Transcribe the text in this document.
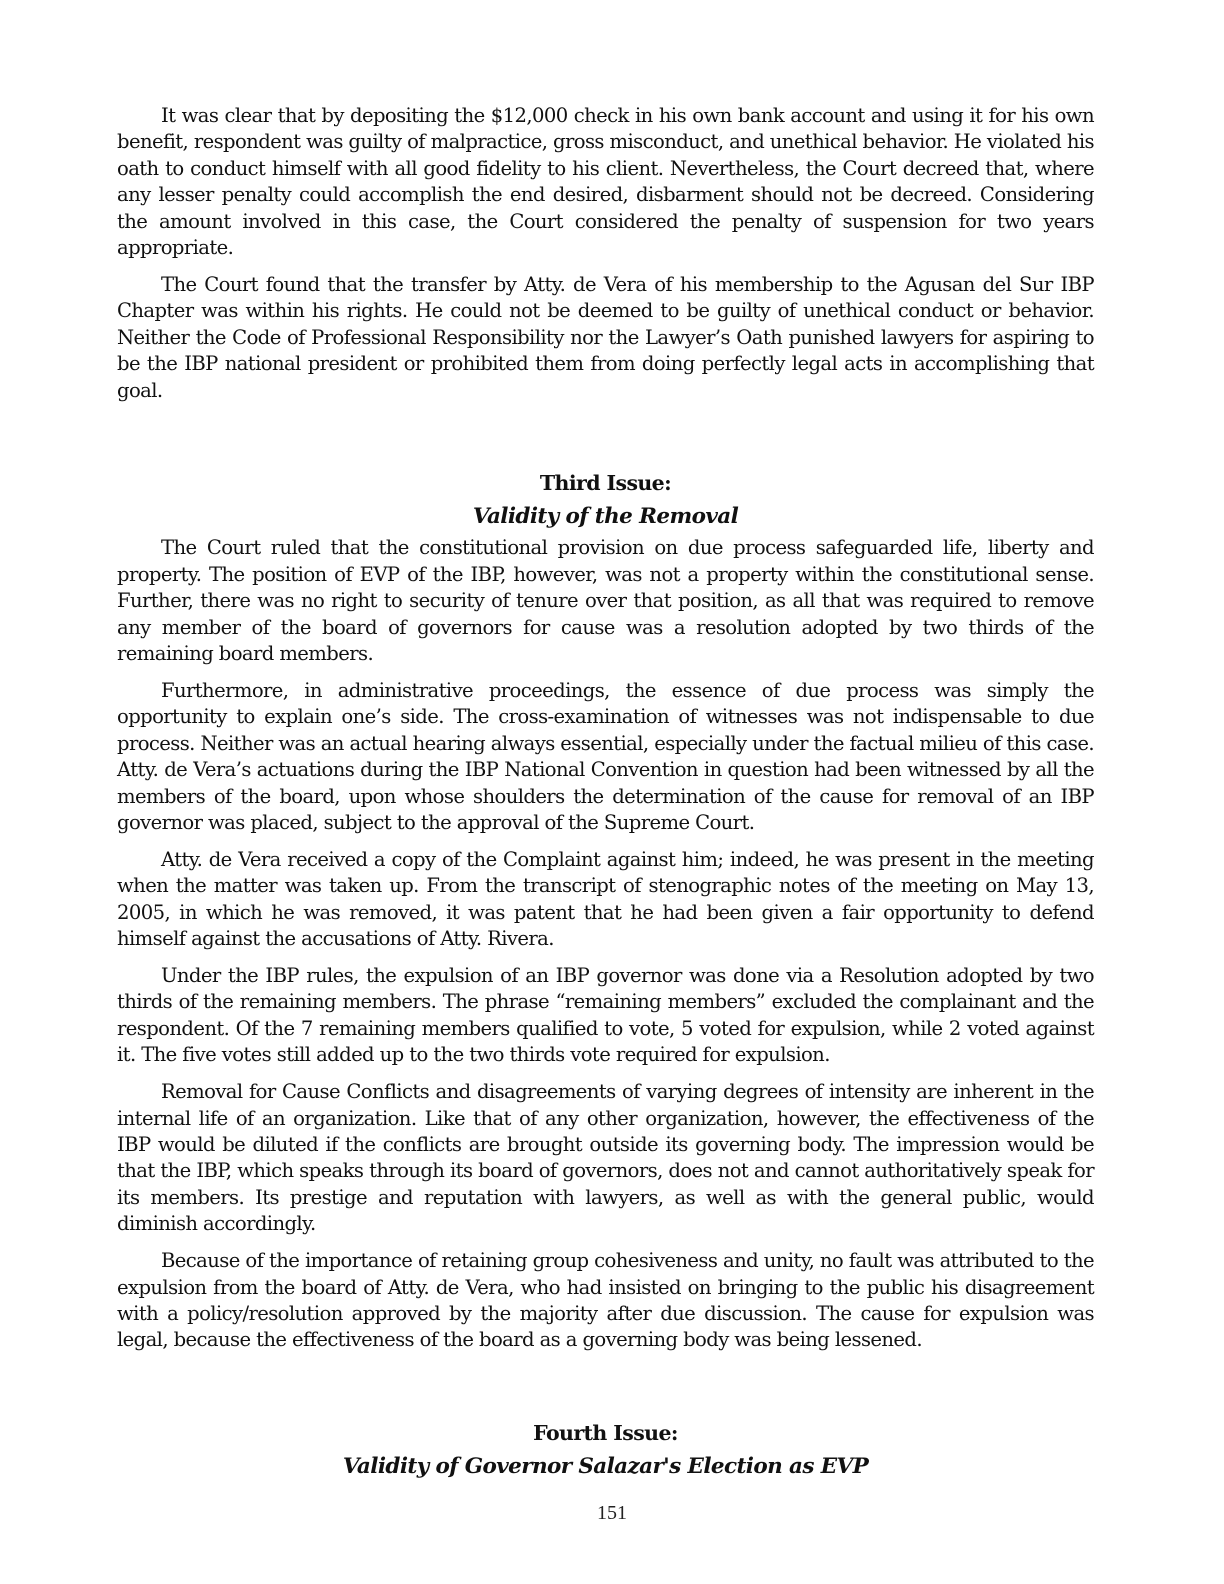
It was clear that by depositing the $12,000 check in his own bank account and using it for his own benefit, respondent was guilty of malpractice, gross misconduct, and unethical behavior. He violated his oath to conduct himself with all good fidelity to his client. Nevertheless, the Court decreed that, where any lesser penalty could accomplish the end desired, disbarment should not be decreed. Considering the amount involved in this case, the Court considered the penalty of suspension for two years appropriate.

The Court found that the transfer by Atty. de Vera of his membership to the Agusan del Sur IBP Chapter was within his rights. He could not be deemed to be guilty of unethical conduct or behavior. Neither the Code of Professional Responsibility nor the Lawyer’s Oath punished lawyers for aspiring to be the IBP national president or prohibited them from doing perfectly legal acts in accomplishing that goal.

Third Issue:

Validity of the Removal

The Court ruled that the constitutional provision on due process safeguarded life, liberty and property. The position of EVP of the IBP, however, was not a property within the constitutional sense. Further, there was no right to security of tenure over that position, as all that was required to remove any member of the board of governors for cause was a resolution adopted by two thirds of the remaining board members.

Furthermore, in administrative proceedings, the essence of due process was simply the opportunity to explain one’s side. The cross-examination of witnesses was not indispensable to due process. Neither was an actual hearing always essential, especially under the factual milieu of this case. Atty. de Vera’s actuations during the IBP National Convention in question had been witnessed by all the members of the board, upon whose shoulders the determination of the cause for removal of an IBP governor was placed, subject to the approval of the Supreme Court.

Atty. de Vera received a copy of the Complaint against him; indeed, he was present in the meeting when the matter was taken up. From the transcript of stenographic notes of the meeting on May 13, 2005, in which he was removed, it was patent that he had been given a fair opportunity to defend himself against the accusations of Atty. Rivera.

Under the IBP rules, the expulsion of an IBP governor was done via a Resolution adopted by two thirds of the remaining members. The phrase “remaining members” excluded the complainant and the respondent. Of the 7 remaining members qualified to vote, 5 voted for expulsion, while 2 voted against it. The five votes still added up to the two thirds vote required for expulsion.

Removal for Cause Conflicts and disagreements of varying degrees of intensity are inherent in the internal life of an organization. Like that of any other organization, however, the effectiveness of the IBP would be diluted if the conflicts are brought outside its governing body. The impression would be that the IBP, which speaks through its board of governors, does not and cannot authoritatively speak for its members. Its prestige and reputation with lawyers, as well as with the general public, would diminish accordingly.

Because of the importance of retaining group cohesiveness and unity, no fault was attributed to the expulsion from the board of Atty. de Vera, who had insisted on bringing to the public his disagreement with a policy/resolution approved by the majority after due discussion. The cause for expulsion was legal, because the effectiveness of the board as a governing body was being lessened.

Fourth Issue:

Validity of Governor Salazar's Election as EVP

151
